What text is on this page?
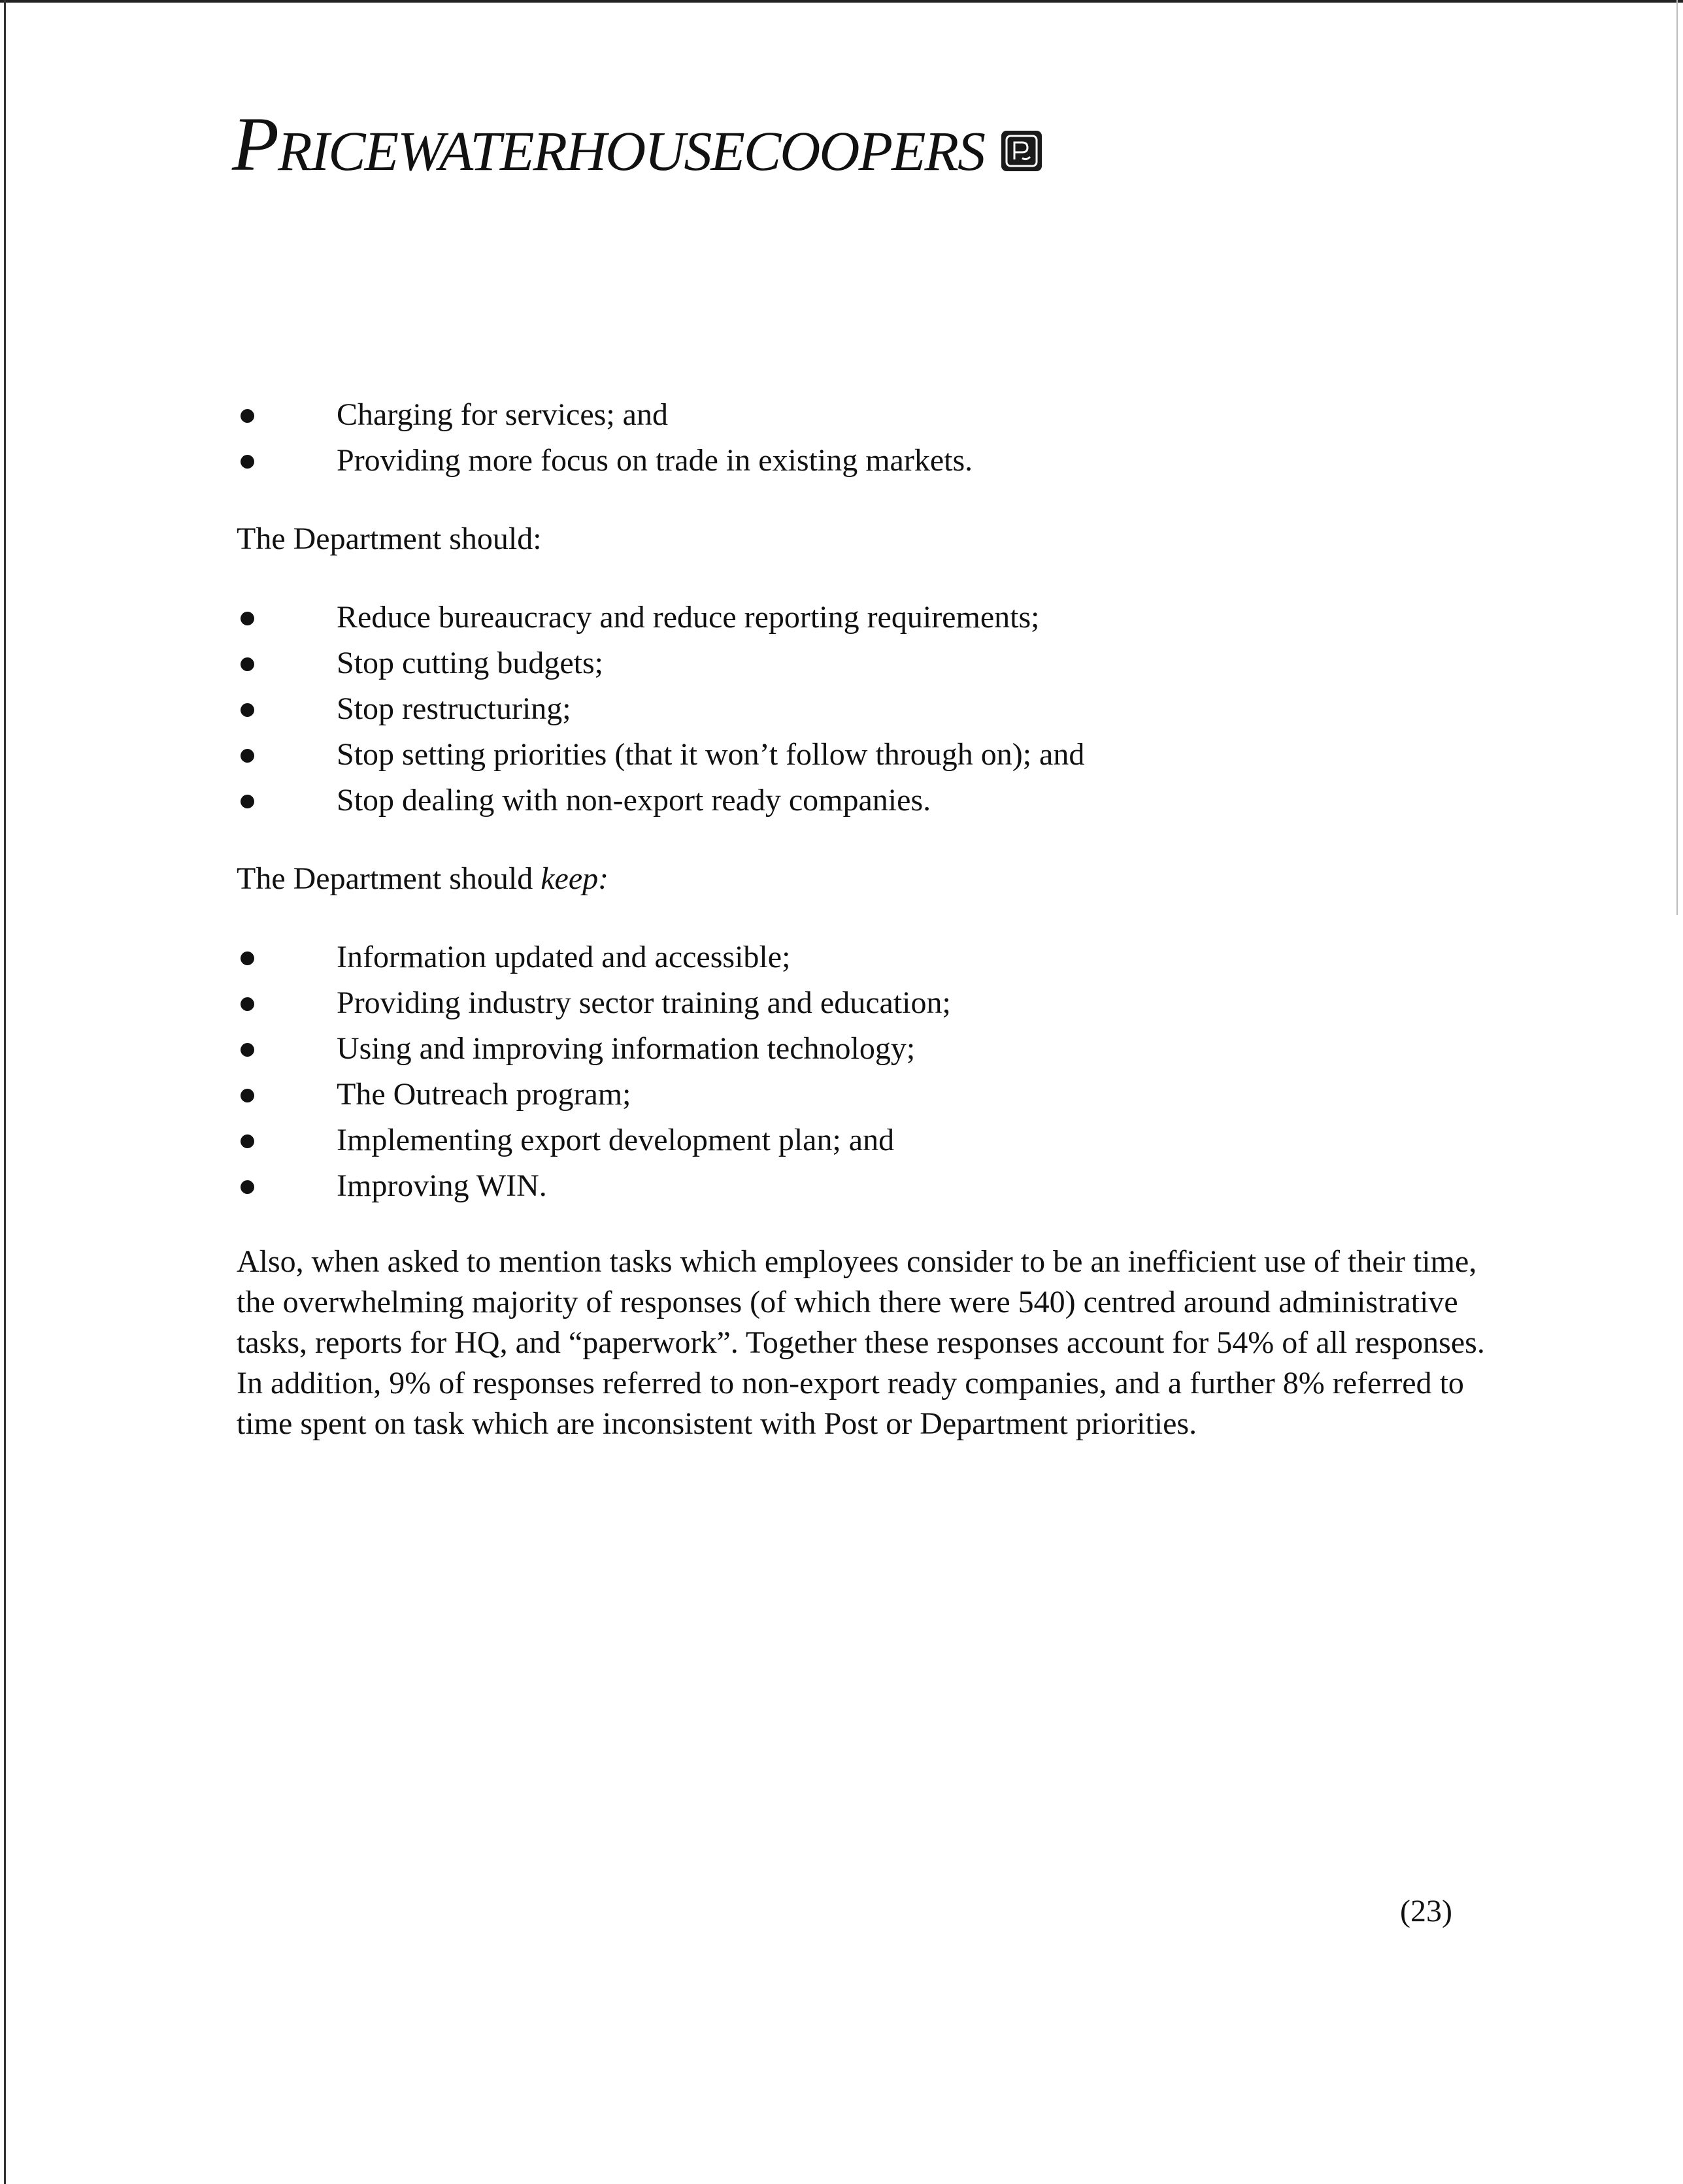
PRICEWATERHOUSECOOPERS
Charging for services; and
Providing more focus on trade in existing markets.

The Department should:

Reduce bureaucracy and reduce reporting requirements;
Stop cutting budgets;
Stop restructuring;
Stop setting priorities (that it won’t follow through on); and
Stop dealing with non-export ready companies.

The Department should keep:

Information updated and accessible;
Providing industry sector training and education;
Using and improving information technology;
The Outreach program;
Implementing export development plan; and
Improving WIN.

Also, when asked to mention tasks which employees consider to be an inefficient use of their time, the overwhelming majority of responses (of which there were 540) centred around administrative tasks, reports for HQ, and “paperwork”. Together these responses account for 54% of all responses. In addition, 9% of responses referred to non-export ready companies, and a further 8% referred to time spent on task which are inconsistent with Post or Department priorities.

(23)
